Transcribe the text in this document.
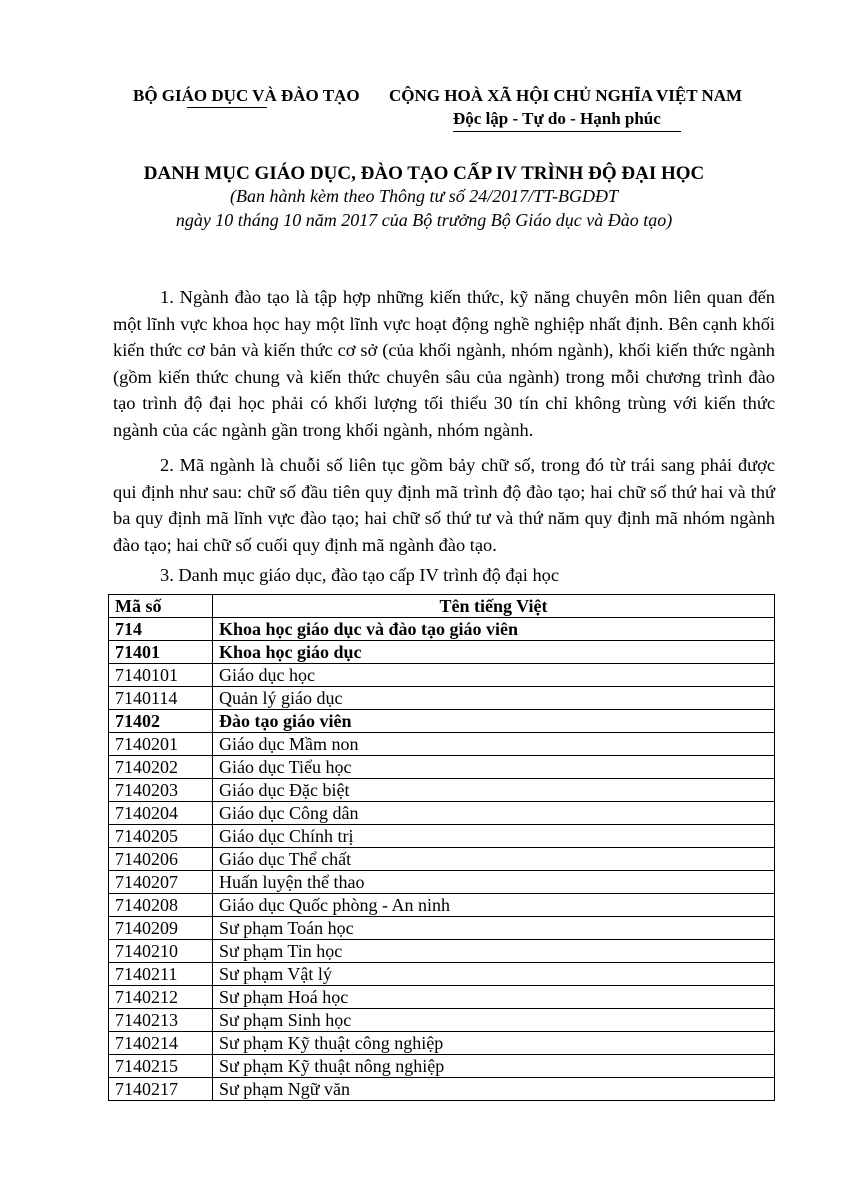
BỘ GIÁO DỤC VÀ ĐÀO TẠO CỘNG HOÀ XÃ HỘI CHỦ NGHĨA VIỆT NAM
Độc lập - Tự do - Hạnh phúc
DANH MỤC GIÁO DỤC, ĐÀO TẠO CẤP IV TRÌNH ĐỘ ĐẠI HỌC
(Ban hành kèm theo Thông tư số 24/2017/TT-BGDĐT
ngày 10 tháng 10 năm 2017 của Bộ trưởng Bộ Giáo dục và Đào tạo)

1. Ngành đào tạo là tập hợp những kiến thức, kỹ năng chuyên môn liên quan đến một lĩnh vực khoa học hay một lĩnh vực hoạt động nghề nghiệp nhất định. Bên cạnh khối kiến thức cơ bản và kiến thức cơ sở (của khối ngành, nhóm ngành), khối kiến thức ngành (gồm kiến thức chung và kiến thức chuyên sâu của ngành) trong mỗi chương trình đào tạo trình độ đại học phải có khối lượng tối thiểu 30 tín chỉ không trùng với kiến thức ngành của các ngành gần trong khối ngành, nhóm ngành.

2. Mã ngành là chuỗi số liên tục gồm bảy chữ số, trong đó từ trái sang phải được qui định như sau: chữ số đầu tiên quy định mã trình độ đào tạo; hai chữ số thứ hai và thứ ba quy định mã lĩnh vực đào tạo; hai chữ số thứ tư và thứ năm quy định mã nhóm ngành đào tạo; hai chữ số cuối quy định mã ngành đào tạo.

3. Danh mục giáo dục, đào tạo cấp IV trình độ đại học

Mã số	Tên tiếng Việt
714	Khoa học giáo dục và đào tạo giáo viên
71401	Khoa học giáo dục
7140101	Giáo dục học
7140114	Quản lý giáo dục
71402	Đào tạo giáo viên
7140201	Giáo dục Mầm non
7140202	Giáo dục Tiểu học
7140203	Giáo dục Đặc biệt
7140204	Giáo dục Công dân
7140205	Giáo dục Chính trị
7140206	Giáo dục Thể chất
7140207	Huấn luyện thể thao
7140208	Giáo dục Quốc phòng - An ninh
7140209	Sư phạm Toán học
7140210	Sư phạm Tin học
7140211	Sư phạm Vật lý
7140212	Sư phạm Hoá học
7140213	Sư phạm Sinh học
7140214	Sư phạm Kỹ thuật công nghiệp
7140215	Sư phạm Kỹ thuật nông nghiệp
7140217	Sư phạm Ngữ văn
